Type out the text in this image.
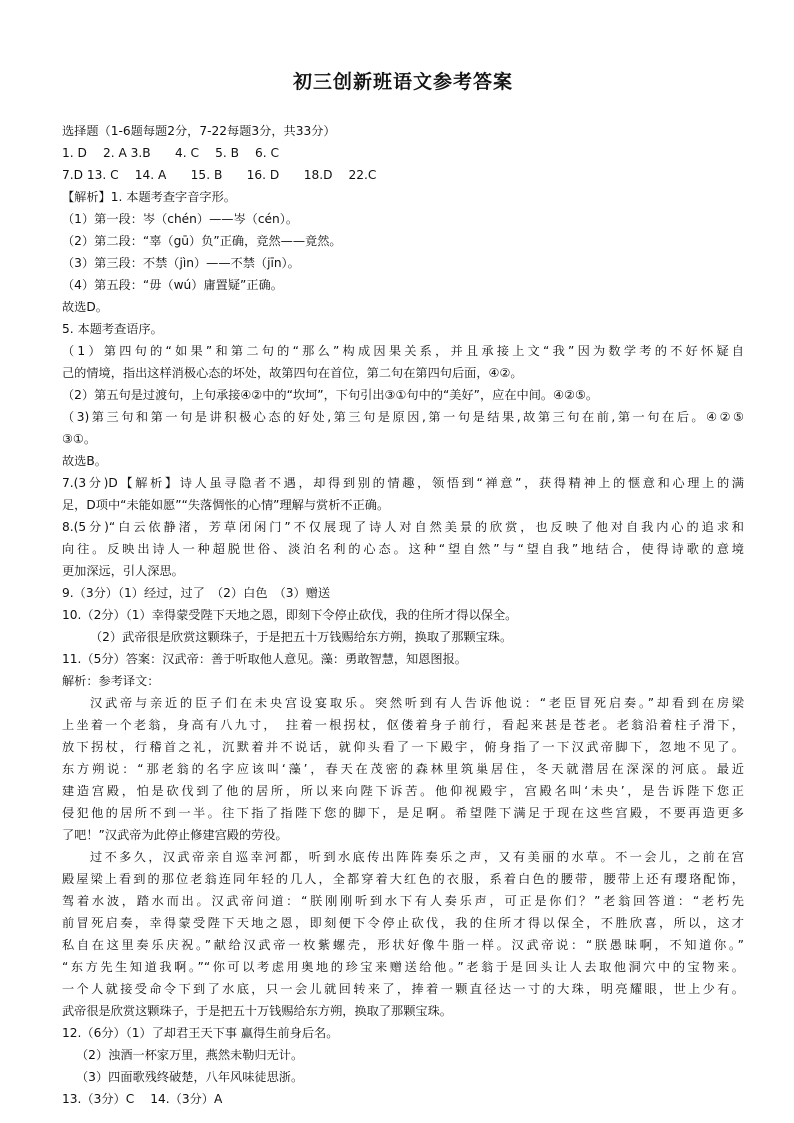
初三创新班语文参考答案
选择题（1-6题每题2分，7-22每题3分，共33分）
1. D　 2. A 3.B　　4. C　 5. B　 6. C
7.D 13. C　 14. A　　15. B　　16. D　　18.D　 22.C
【解析】1. 本题考查字音字形。
（1）第一段：岑（chén）——岑（cén）。
（2）第二段：“辜（gū）负”正确，竞然——竟然。
（3）第三段：不禁（jìn）——不禁（jīn）。
（4）第五段：“毋（wú）庸置疑”正确。
故选D。
5. 本题考查语序。
（1）第四句的“如果”和第二句的“那么”构成因果关系，并且承接上文“我”因为数学考的不好怀疑自
己的情境，指出这样消极心态的坏处，故第四句在首位，第二句在第四句后面，④②。
（2）第五句是过渡句，上句承接④②中的“坎坷”，下句引出③①句中的“美好”，应在中间。④②⑤。
（3)第三句和第一句是讲积极心态的好处,第三句是原因,第一句是结果,故第三句在前,第一句在后。④②⑤
③①。
故选B。
7.(3分)D【解析】诗人虽寻隐者不遇，却得到别的情趣，领悟到“禅意”，获得精神上的惬意和心理上的满
足，D项中“未能如愿”“失落惆怅的心情”理解与赏析不正确。
8.(5分)“白云依静渚，芳草闭闲门”不仅展现了诗人对自然美景的欣赏，也反映了他对自我内心的追求和
向往。反映出诗人一种超脱世俗、淡泊名利的心态。这种“望自然”与“望自我”地结合，使得诗歌的意境
更加深远，引人深思。
9.（3分）（1）经过，过了　（2）白色　（3）赠送
10.（2分）（1）幸得蒙受陛下天地之恩，即刻下令停止砍伐，我的住所才得以保全。
（2）武帝很是欣赏这颗珠子，于是把五十万钱赐给东方朔，换取了那颗宝珠。
11.（5分）答案：汉武帝：善于听取他人意见。藻：勇敢智慧，知恩图报。
解析：参考译文：
汉武帝与亲近的臣子们在未央宫设宴取乐。突然听到有人告诉他说：“老臣冒死启奏。”却看到在房梁
上坐着一个老翁，身高有八九寸，　拄着一根拐杖，伛偻着身子前行，看起来甚是苍老。老翁沿着柱子滑下，
放下拐杖，行稽首之礼，沉默着并不说话，就仰头看了一下殿宇，俯身指了一下汉武帝脚下，忽地不见了。
东方朔说：“那老翁的名字应该叫‘藻’，春天在茂密的森林里筑巢居住，冬天就潜居在深深的河底。最近
建造宫殿，怕是砍伐到了他的居所，所以来向陛下诉苦。他仰视殿宇，宫殿名叫‘未央’，是告诉陛下您正
侵犯他的居所不到一半。往下指了指陛下您的脚下，是足啊。希望陛下满足于现在这些宫殿，不要再造更多
了吧！”汉武帝为此停止修建宫殿的劳役。
过不多久，汉武帝亲自巡幸河都，听到水底传出阵阵奏乐之声，又有美丽的水草。不一会儿，之前在宫
殿屋梁上看到的那位老翁连同年轻的几人，全都穿着大红色的衣服，系着白色的腰带，腰带上还有璎珞配饰，
驾着水波，踏水而出。汉武帝问道：“朕刚刚听到水下有人奏乐声，可正是你们？”老翁回答道：“老朽先
前冒死启奏，幸得蒙受陛下天地之恩，即刻便下令停止砍伐，我的住所才得以保全，不胜欣喜，所以，这才
私自在这里奏乐庆祝。”献给汉武帝一枚紫螺壳，形状好像牛脂一样。汉武帝说：“朕愚昧啊，不知道你。”
“东方先生知道我啊。”“你可以考虑用奥地的珍宝来赠送给他。”老翁于是回头让人去取他洞穴中的宝物来。
一个人就接受命令下到了水底，只一会儿就回转来了，捧着一颗直径达一寸的大珠，明亮耀眼，世上少有。
武帝很是欣赏这颗珠子，于是把五十万钱赐给东方朔，换取了那颗宝珠。
12.（6分）（1）了却君王天下事 赢得生前身后名。
（2）浊酒一杯家万里，燕然未勒归无计。
（3）四面歌残终破楚，八年风味徒思浙。
13.（3分）C　 14.（3分）A
